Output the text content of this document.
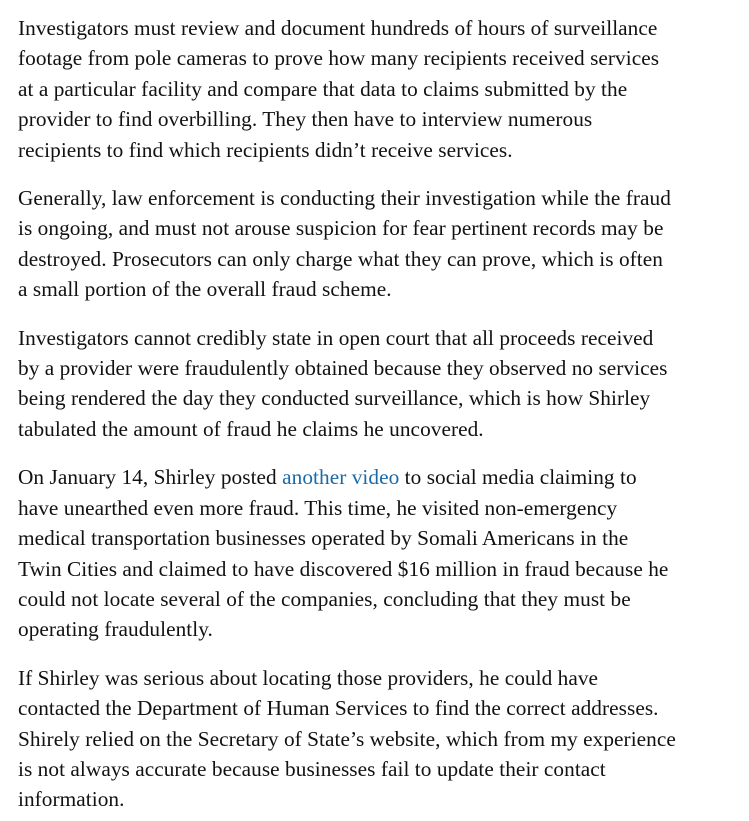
Investigators must review and document hundreds of hours of surveillance
footage from pole cameras to prove how many recipients received services
at a particular facility and compare that data to claims submitted by the
provider to find overbilling. They then have to interview numerous
recipients to find which recipients didn’t receive services.

Generally, law enforcement is conducting their investigation while the fraud
is ongoing, and must not arouse suspicion for fear pertinent records may be
destroyed. Prosecutors can only charge what they can prove, which is often
a small portion of the overall fraud scheme.

Investigators cannot credibly state in open court that all proceeds received
by a provider were fraudulently obtained because they observed no services
being rendered the day they conducted surveillance, which is how Shirley
tabulated the amount of fraud he claims he uncovered.

On January 14, Shirley posted another video to social media claiming to
have unearthed even more fraud. This time, he visited non-emergency
medical transportation businesses operated by Somali Americans in the
Twin Cities and claimed to have discovered $16 million in fraud because he
could not locate several of the companies, concluding that they must be
operating fraudulently.

If Shirley was serious about locating those providers, he could have
contacted the Department of Human Services to find the correct addresses.
Shirely relied on the Secretary of State’s website, which from my experience
is not always accurate because businesses fail to update their contact
information.
